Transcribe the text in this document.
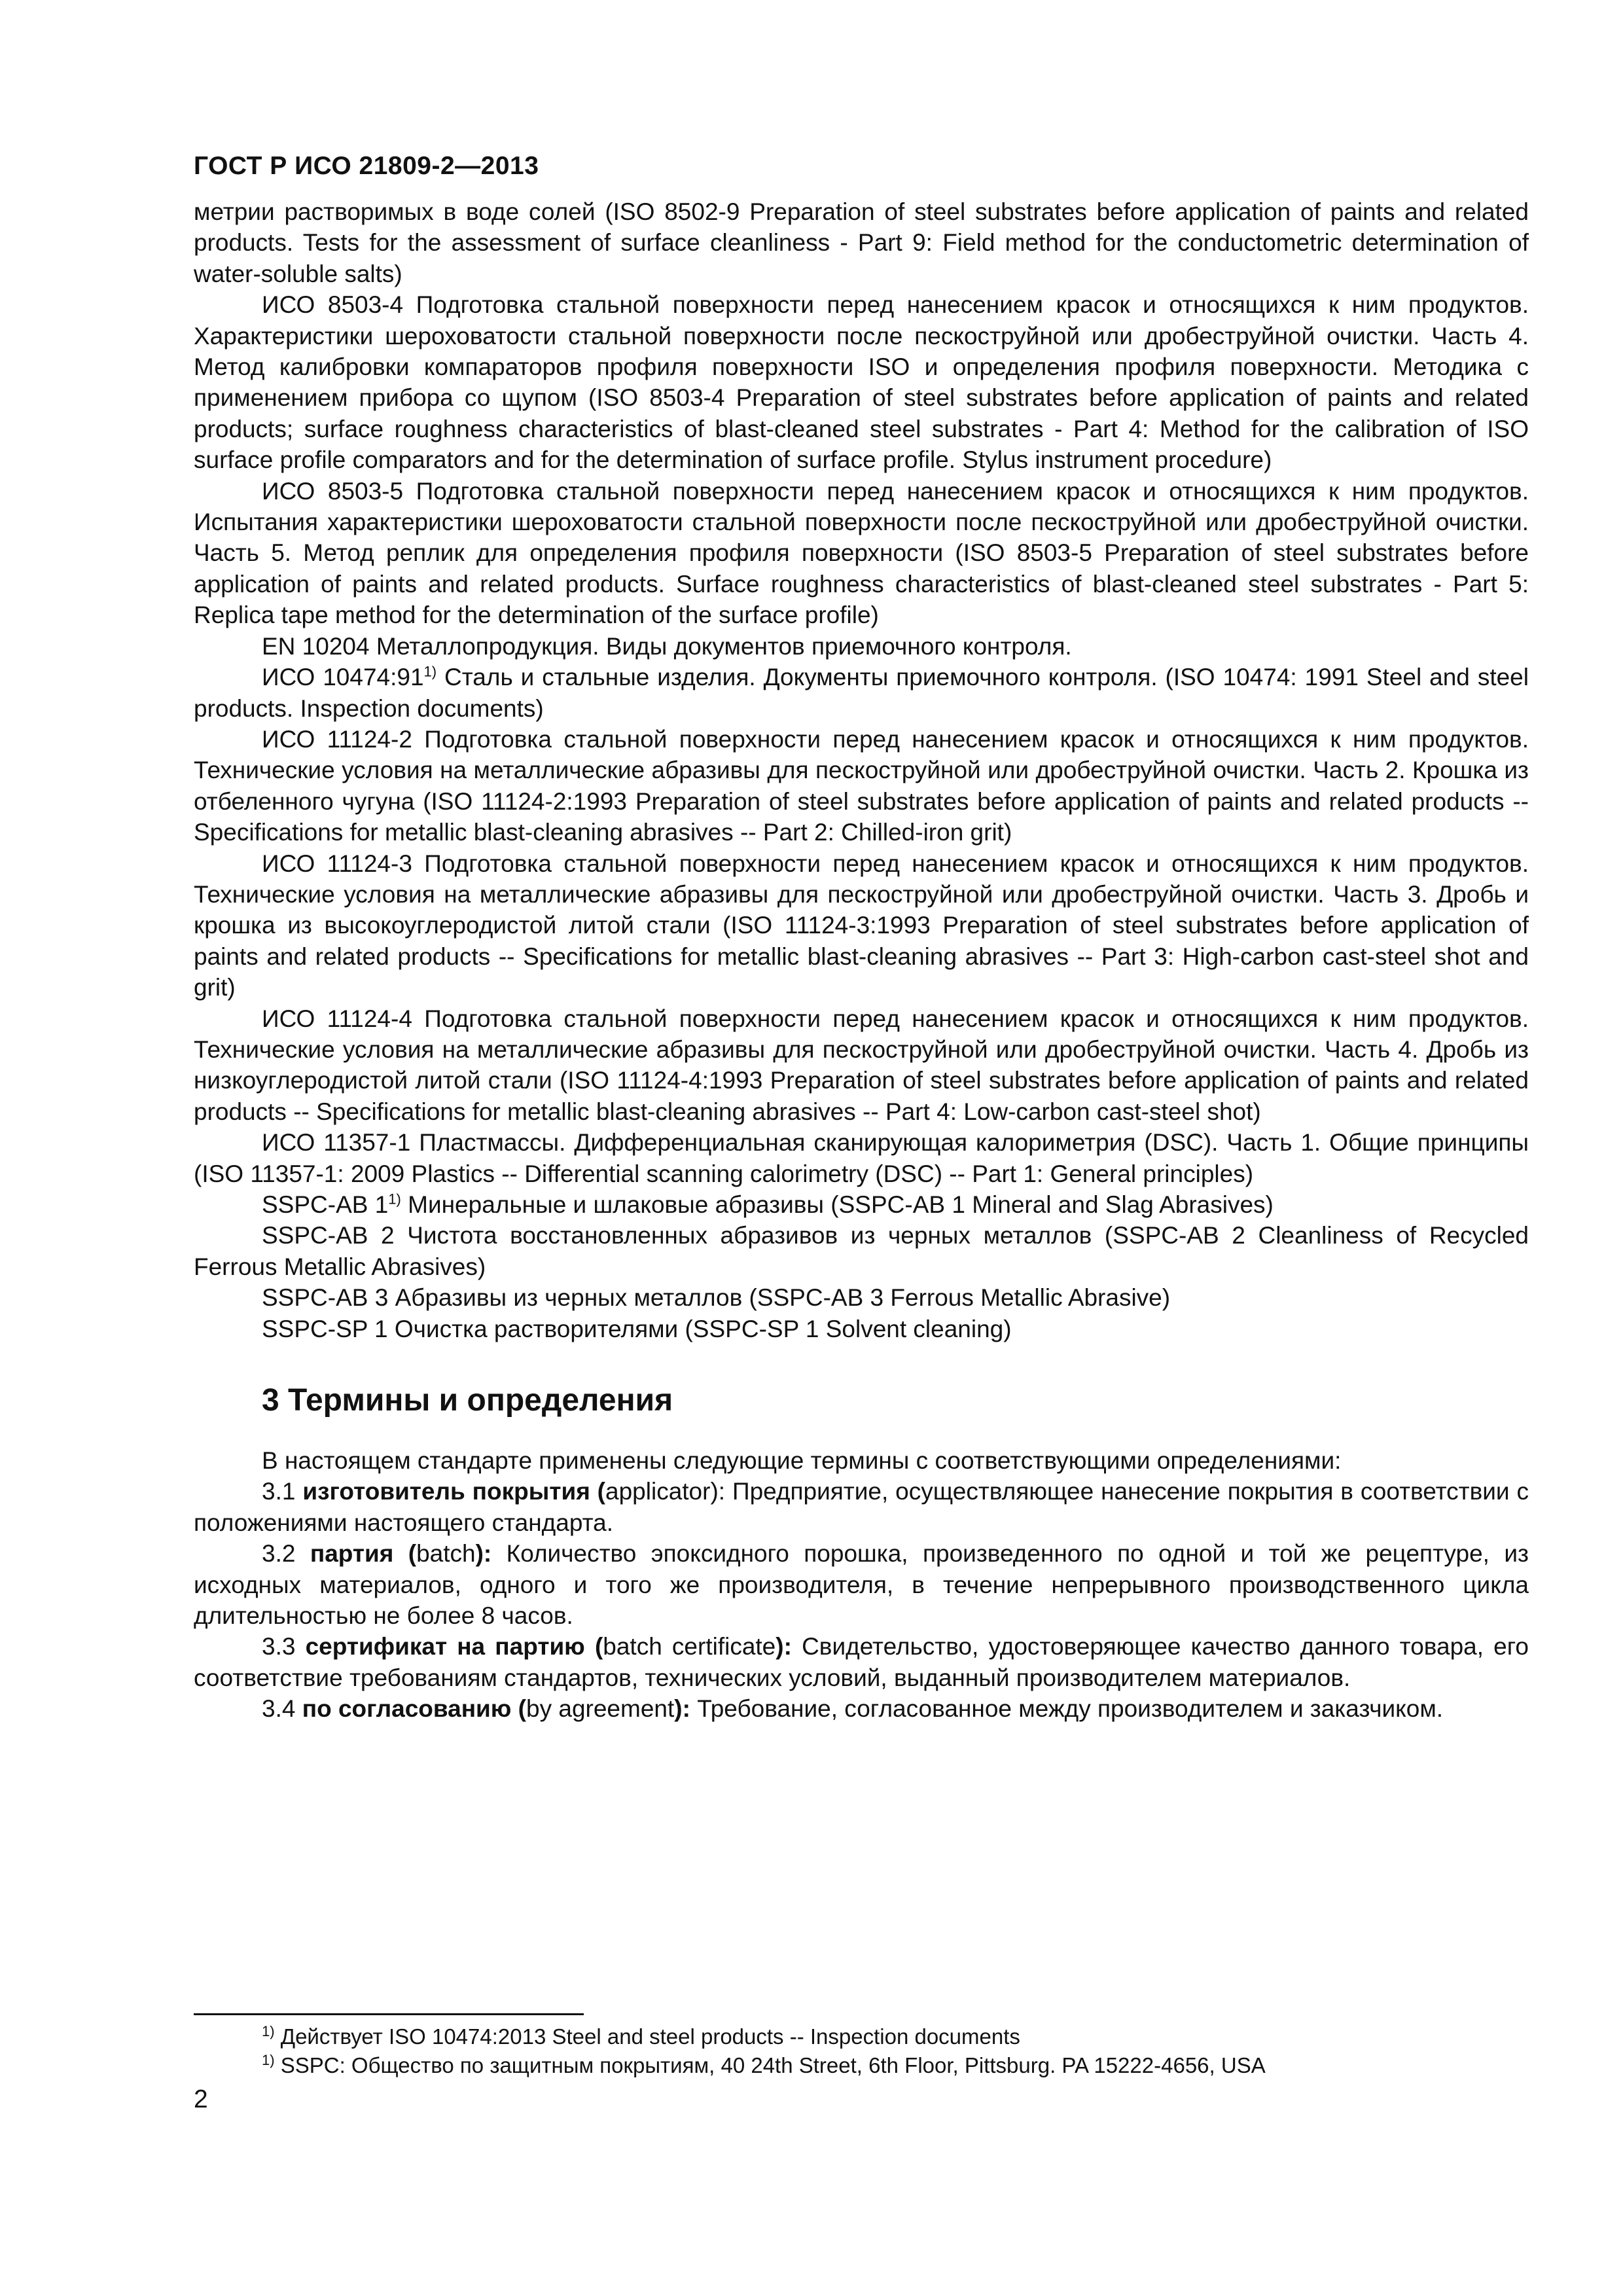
ГОСТ Р ИСО 21809-2—2013

метрии растворимых в воде солей (ISO 8502-9 Preparation of steel substrates before application of paints and related products. Tests for the assessment of surface cleanliness - Part 9: Field method for the conductometric determination of water-soluble salts)

ИСО 8503-4 Подготовка стальной поверхности перед нанесением красок и относящихся к ним продуктов. Характеристики шероховатости стальной поверхности после пескоструйной или дробеструйной очистки. Часть 4. Метод калибровки компараторов профиля поверхности ISO и определения профиля поверхности. Методика с применением прибора со щупом (ISO 8503-4 Preparation of steel substrates before application of paints and related products; surface roughness characteristics of blast-cleaned steel substrates - Part 4: Method for the calibration of ISO surface profile comparators and for the determination of surface profile. Stylus instrument procedure)

ИСО 8503-5 Подготовка стальной поверхности перед нанесением красок и относящихся к ним продуктов. Испытания характеристики шероховатости стальной поверхности после пескоструйной или дробеструйной очистки. Часть 5. Метод реплик для определения профиля поверхности (ISO 8503-5 Preparation of steel substrates before application of paints and related products. Surface roughness characteristics of blast-cleaned steel substrates - Part 5: Replica tape method for the determination of the surface profile)

EN 10204 Металлопродукция. Виды документов приемочного контроля.

ИСО 10474:91$^{1)}$ Сталь и стальные изделия. Документы приемочного контроля. (ISO 10474: 1991 Steel and steel products. Inspection documents)

ИСО 11124-2 Подготовка стальной поверхности перед нанесением красок и относящихся к ним продуктов. Технические условия на металлические абразивы для пескоструйной или дробеструйной очистки. Часть 2. Крошка из отбеленного чугуна (ISO 11124-2:1993 Preparation of steel substrates before application of paints and related products -- Specifications for metallic blast-cleaning abrasives -- Part 2: Chilled-iron grit)

ИСО 11124-3 Подготовка стальной поверхности перед нанесением красок и относящихся к ним продуктов. Технические условия на металлические абразивы для пескоструйной или дробеструйной очистки. Часть 3. Дробь и крошка из высокоуглеродистой литой стали (ISO 11124-3:1993 Preparation of steel substrates before application of paints and related products -- Specifications for metallic blast-cleaning abrasives -- Part 3: High-carbon cast-steel shot and grit)

ИСО 11124-4 Подготовка стальной поверхности перед нанесением красок и относящихся к ним продуктов. Технические условия на металлические абразивы для пескоструйной или дробеструйной очистки. Часть 4. Дробь из низкоуглеродистой литой стали (ISO 11124-4:1993 Preparation of steel substrates before application of paints and related products -- Specifications for metallic blast-cleaning abrasives -- Part 4: Low-carbon cast-steel shot)

ИСО 11357-1 Пластмассы. Дифференциальная сканирующая калориметрия (DSC). Часть 1. Общие принципы (ISO 11357-1: 2009 Plastics -- Differential scanning calorimetry (DSC) -- Part 1: General principles)

SSPC-AB 1$^{1)}$ Минеральные и шлаковые абразивы (SSPC-AB 1 Mineral and Slag Abrasives)

SSPC-AB 2 Чистота восстановленных абразивов из черных металлов (SSPC-AB 2 Cleanliness of Recycled Ferrous Metallic Abrasives)

SSPC-AB 3 Абразивы из черных металлов (SSPC-AB 3 Ferrous Metallic Abrasive)

SSPC-SP 1 Очистка растворителями (SSPC-SP 1 Solvent cleaning)

3 Термины и определения

В настоящем стандарте применены следующие термины с соответствующими определениями:

3.1 изготовитель покрытия (applicator): Предприятие, осуществляющее нанесение покрытия в соответствии с положениями настоящего стандарта.

3.2 партия (batch): Количество эпоксидного порошка, произведенного по одной и той же рецептуре, из исходных материалов, одного и того же производителя, в течение непрерывного производственного цикла длительностью не более 8 часов.

3.3 сертификат на партию (batch certificate): Свидетельство, удостоверяющее качество данного товара, его соответствие требованиям стандартов, технических условий, выданный производителем материалов.

3.4 по согласованию (by agreement): Требование, согласованное между производителем и заказчиком.

$^{1)}$ Действует ISO 10474:2013 Steel and steel products -- Inspection documents
$^{1)}$ SSPC: Общество по защитным покрытиям, 40 24th Street, 6th Floor, Pittsburg. PA 15222-4656, USA
2
